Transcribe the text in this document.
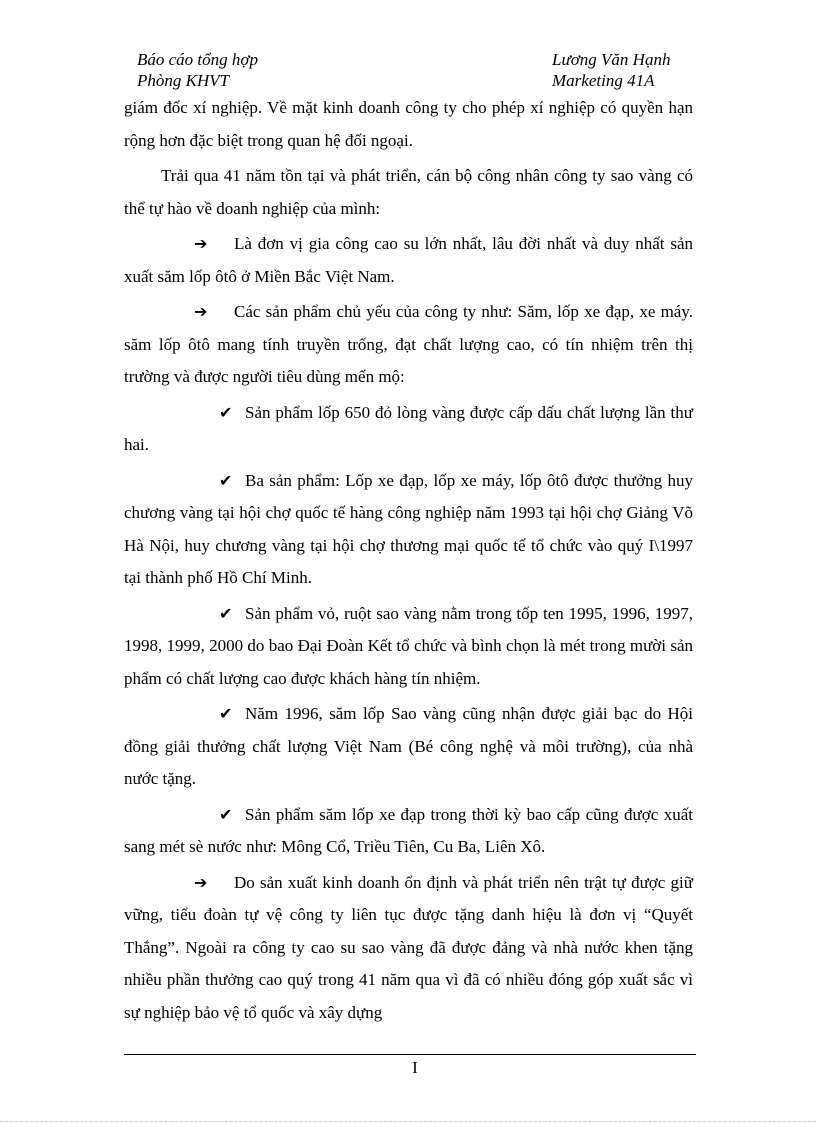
Báo cáo tổng hợp
Phòng KHVT
Lương Văn Hạnh
Marketing 41A

giám đốc xí nghiệp. Về mặt kinh doanh công ty cho phép xí nghiệp có quyền hạn rộng hơn đặc biệt trong quan hệ đối ngoại.

Trải qua 41 năm tồn tại và phát triển, cán bộ công nhân công ty sao vàng có thể tự hào về doanh nghiệp của mình:

➔ Là đơn vị gia công cao su lớn nhất, lâu đời nhất và duy nhất sản xuất săm lốp ôtô ở Miền Bắc Việt Nam.

➔ Các sản phẩm chủ yếu của công ty như: Săm, lốp xe đạp, xe máy. săm lốp ôtô mang tính truyền trống, đạt chất lượng cao, có tín nhiệm trên thị trường và được người tiêu dùng mến mộ:

✔ Sản phẩm lốp 650 đỏ lòng vàng được cấp dấu chất lượng lần thư hai.

✔ Ba sản phẩm: Lốp xe đạp, lốp xe máy, lốp ôtô được thưởng huy chương vàng tại hội chợ quốc tế hàng công nghiệp năm 1993 tại hội chợ Giảng Võ Hà Nội, huy chương vàng tại hội chợ thương mại quốc tế tổ chức vào quý I\1997 tại thành phố Hồ Chí Minh.

✔ Sản phẩm vỏ, ruột sao vàng nằm trong tốp ten 1995, 1996, 1997, 1998, 1999, 2000 do bao Đại Đoàn Kết tổ chức và bình chọn là mét trong mười sản phẩm có chất lượng cao được khách hàng tín nhiệm.

✔ Năm 1996, săm lốp Sao vàng cũng nhận được giải bạc do Hội đồng giải thưởng chất lượng Việt Nam (Bé công nghệ và môi trường), của nhà nước tặng.

✔ Sản phẩm săm lốp xe đạp trong thời kỳ bao cấp cũng được xuất sang mét sè nước như: Mông Cổ, Triều Tiên, Cu Ba, Liên Xô.

➔ Do sản xuất kinh doanh ổn định và phát triển nên trật tự được giữ vững, tiểu đoàn tự vệ công ty liên tục được tặng danh hiệu là đơn vị “Quyết Thắng”. Ngoài ra công ty cao su sao vàng đã được đảng và nhà nước khen tặng nhiều phần thưởng cao quý trong 41 năm qua vì đã có nhiều đóng góp xuất sắc vì sự nghiệp bảo vệ tổ quốc và xây dựng

I
